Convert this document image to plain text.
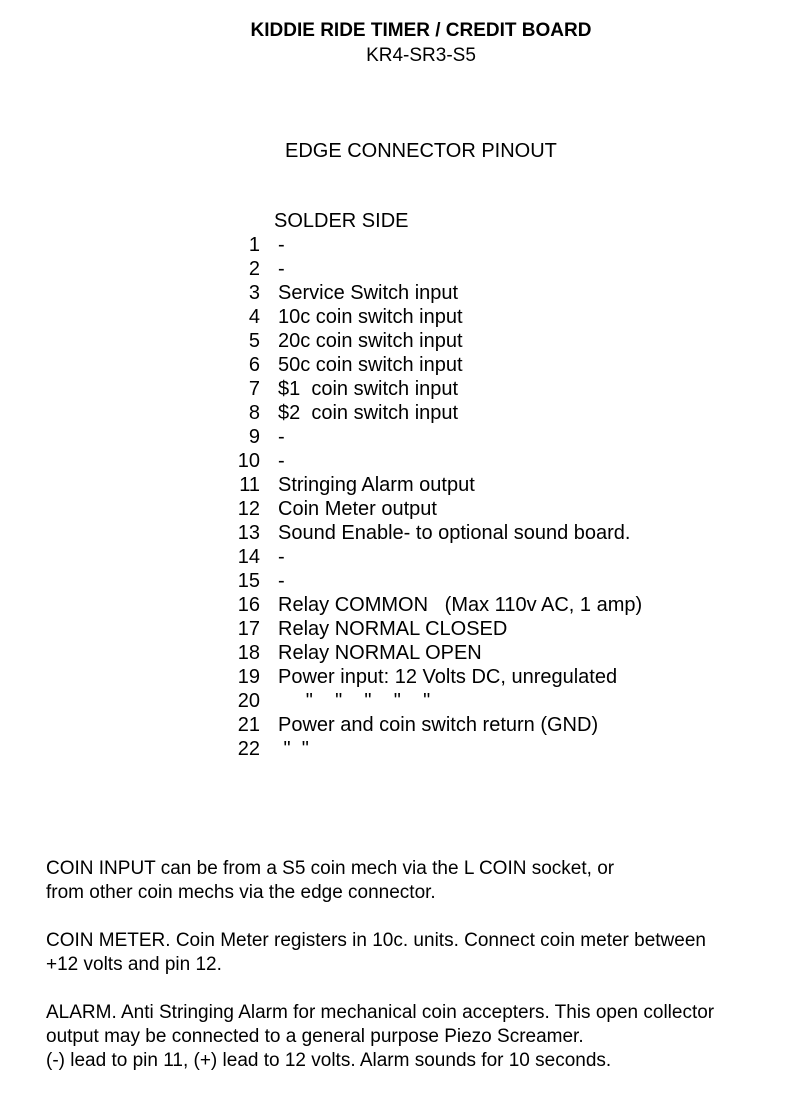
KIDDIE RIDE TIMER / CREDIT BOARD
KR4-SR3-S5
EDGE CONNECTOR PINOUT
SOLDER SIDE
1 -
2 -
3 Service Switch input
4 10c coin switch input
5 20c coin switch input
6 50c coin switch input
7 $1  coin switch input
8 $2  coin switch input
9 -
10 -
11 Stringing Alarm output
12 Coin Meter output
13 Sound Enable- to optional sound board.
14 -
15 -
16 Relay COMMON   (Max 110v AC, 1 amp)
17 Relay NORMAL CLOSED
18 Relay NORMAL OPEN
19 Power input: 12 Volts DC, unregulated
20 "    "    "    "    "
21 Power and coin switch return (GND)
22 "  "

COIN INPUT can be from a S5 coin mech via the L COIN socket, or
from other coin mechs via the edge connector.

COIN METER. Coin Meter registers in 10c. units. Connect coin meter between
+12 volts and pin 12.

ALARM. Anti Stringing Alarm for mechanical coin accepters. This open collector
output may be connected to a general purpose Piezo Screamer.
(-) lead to pin 11, (+) lead to 12 volts. Alarm sounds for 10 seconds.
